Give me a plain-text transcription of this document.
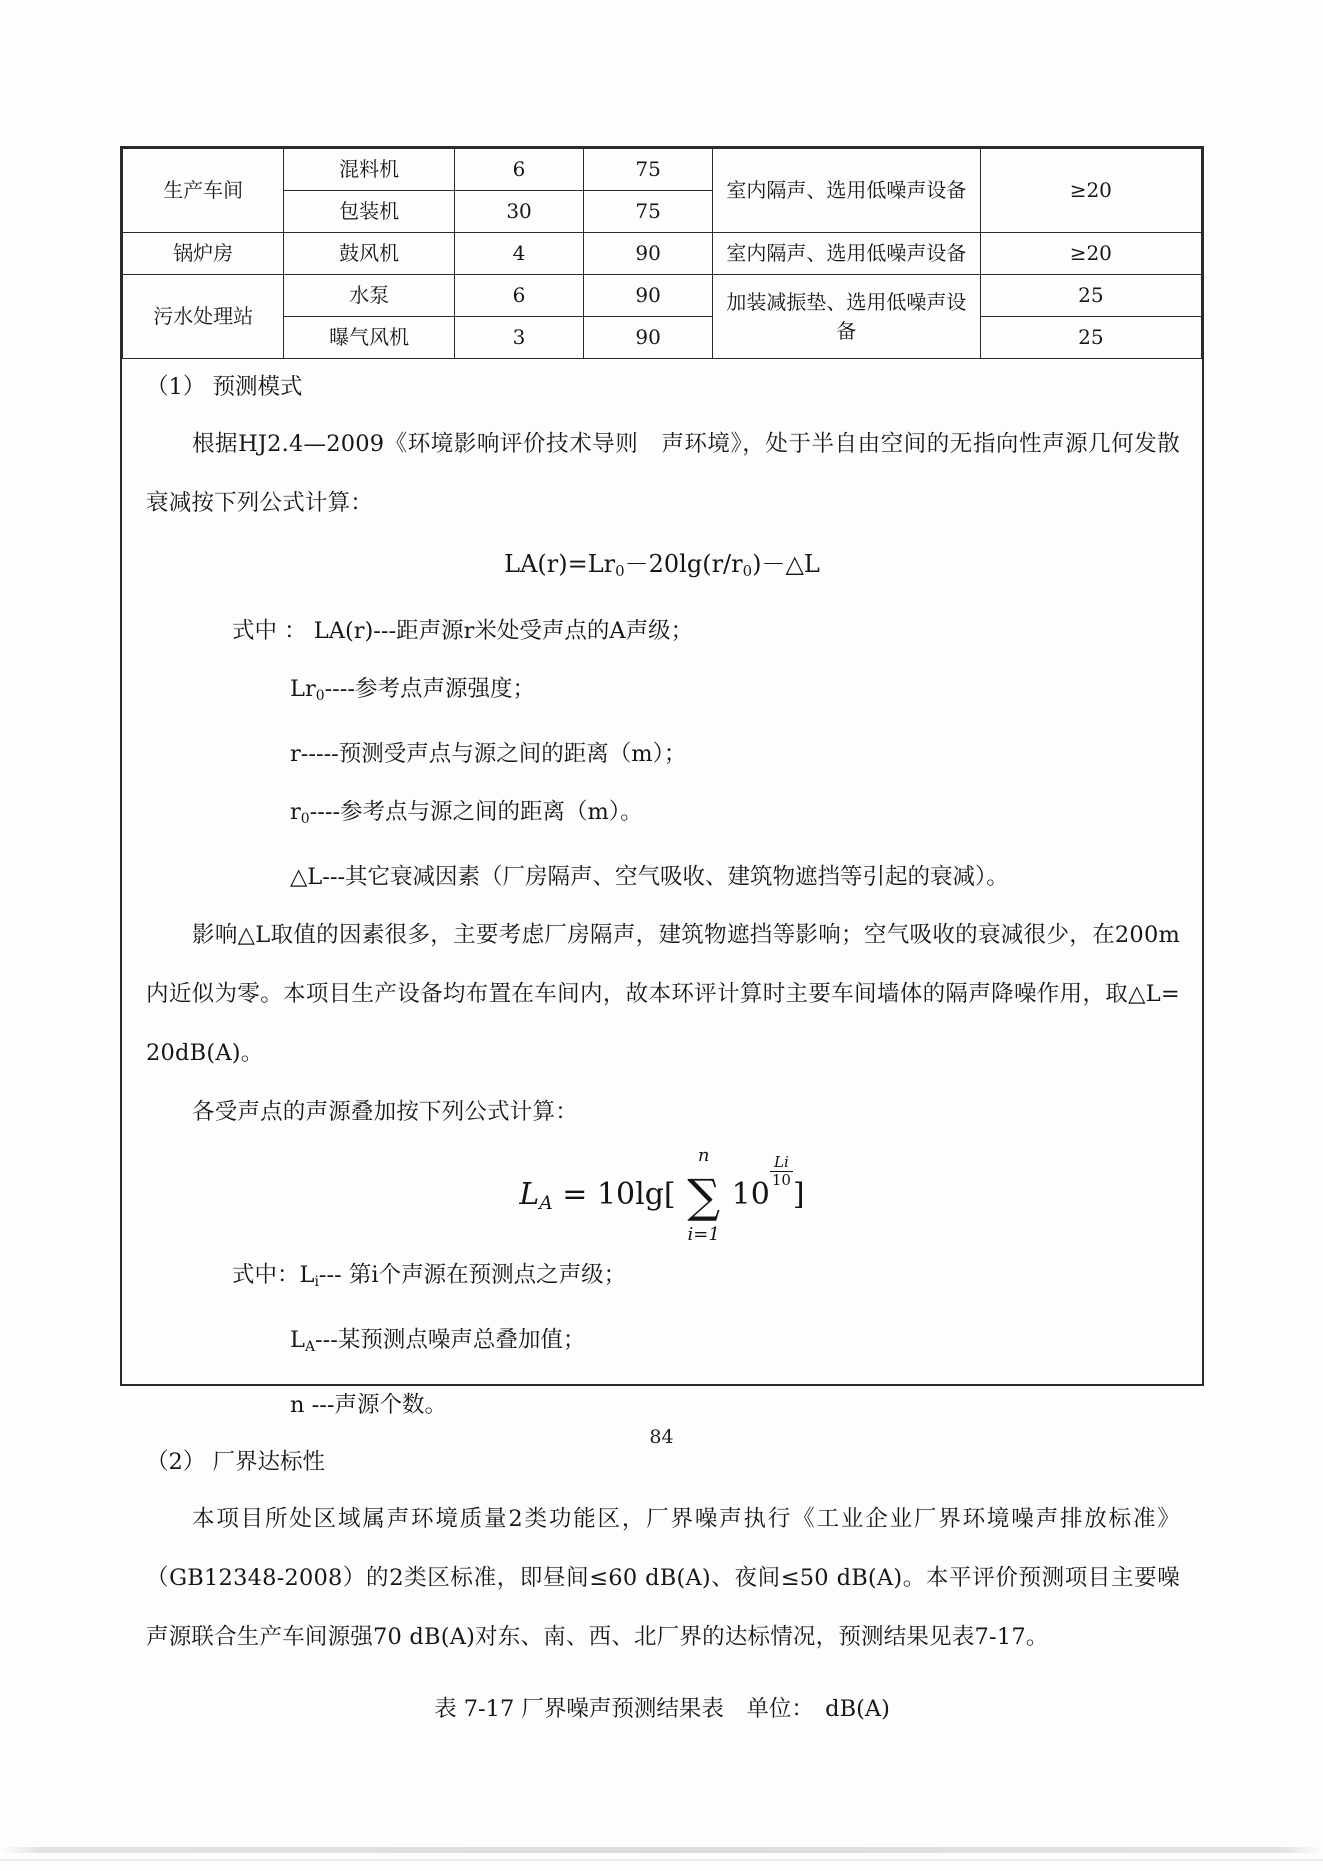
生产车间	混料机	6	75	室内隔声、选用低噪声设备	≥20
	包装机	30	75		
锅炉房	鼓风机	4	90	室内隔声、选用低噪声设备	≥20
污水处理站	水泵	6	90	加装减振垫、选用低噪声设备	25
	曝气风机	3	90		25
（1） 预测模式

根据HJ2.4—2009《环境影响评价技术导则　声环境》，处于半自由空间的无指向性声源几何发散衰减按下列公式计算：

$LA(r)=Lr_0-20\lg(r/r_0)-\triangle L$
式中 ： LA(r)---距声源r米处受声点的A声级；
$Lr_0----$参考点声源强度；
r-----预测受声点与源之间的距离（m）；
$r_0----$参考点与源之间的距离（m）。
△L---其它衰减因素（厂房隔声、空气吸收、建筑物遮挡等引起的衰减）。

影响△L取值的因素很多，主要考虑厂房隔声，建筑物遮挡等影响；空气吸收的衰减很少，在200m内近似为零。本项目生产设备均布置在车间内，故本环评计算时主要车间墙体的隔声降噪作用，取△L= 20dB(A)。

各受声点的声源叠加按下列公式计算：

$L_A = 10\lg$[
n
∑
i=1
10
$\frac{Li}{10}$
]
式中：$L_i---$ 第i个声源在预测点之声级；
$L_A---$某预测点噪声总叠加值；
n ---声源个数。
（2） 厂界达标性

本项目所处区域属声环境质量2类功能区，厂界噪声执行《工业企业厂界环境噪声排放标准》（GB12348-2008）的2类区标准，即昼间≤60 dB(A)、夜间≤50 dB(A)。本平评价预测项目主要噪声源联合生产车间源强70 dB(A)对东、南、西、北厂界的达标情况，预测结果见表7-17。

表 7-17 厂界噪声预测结果表　单位：　dB(A)
84
